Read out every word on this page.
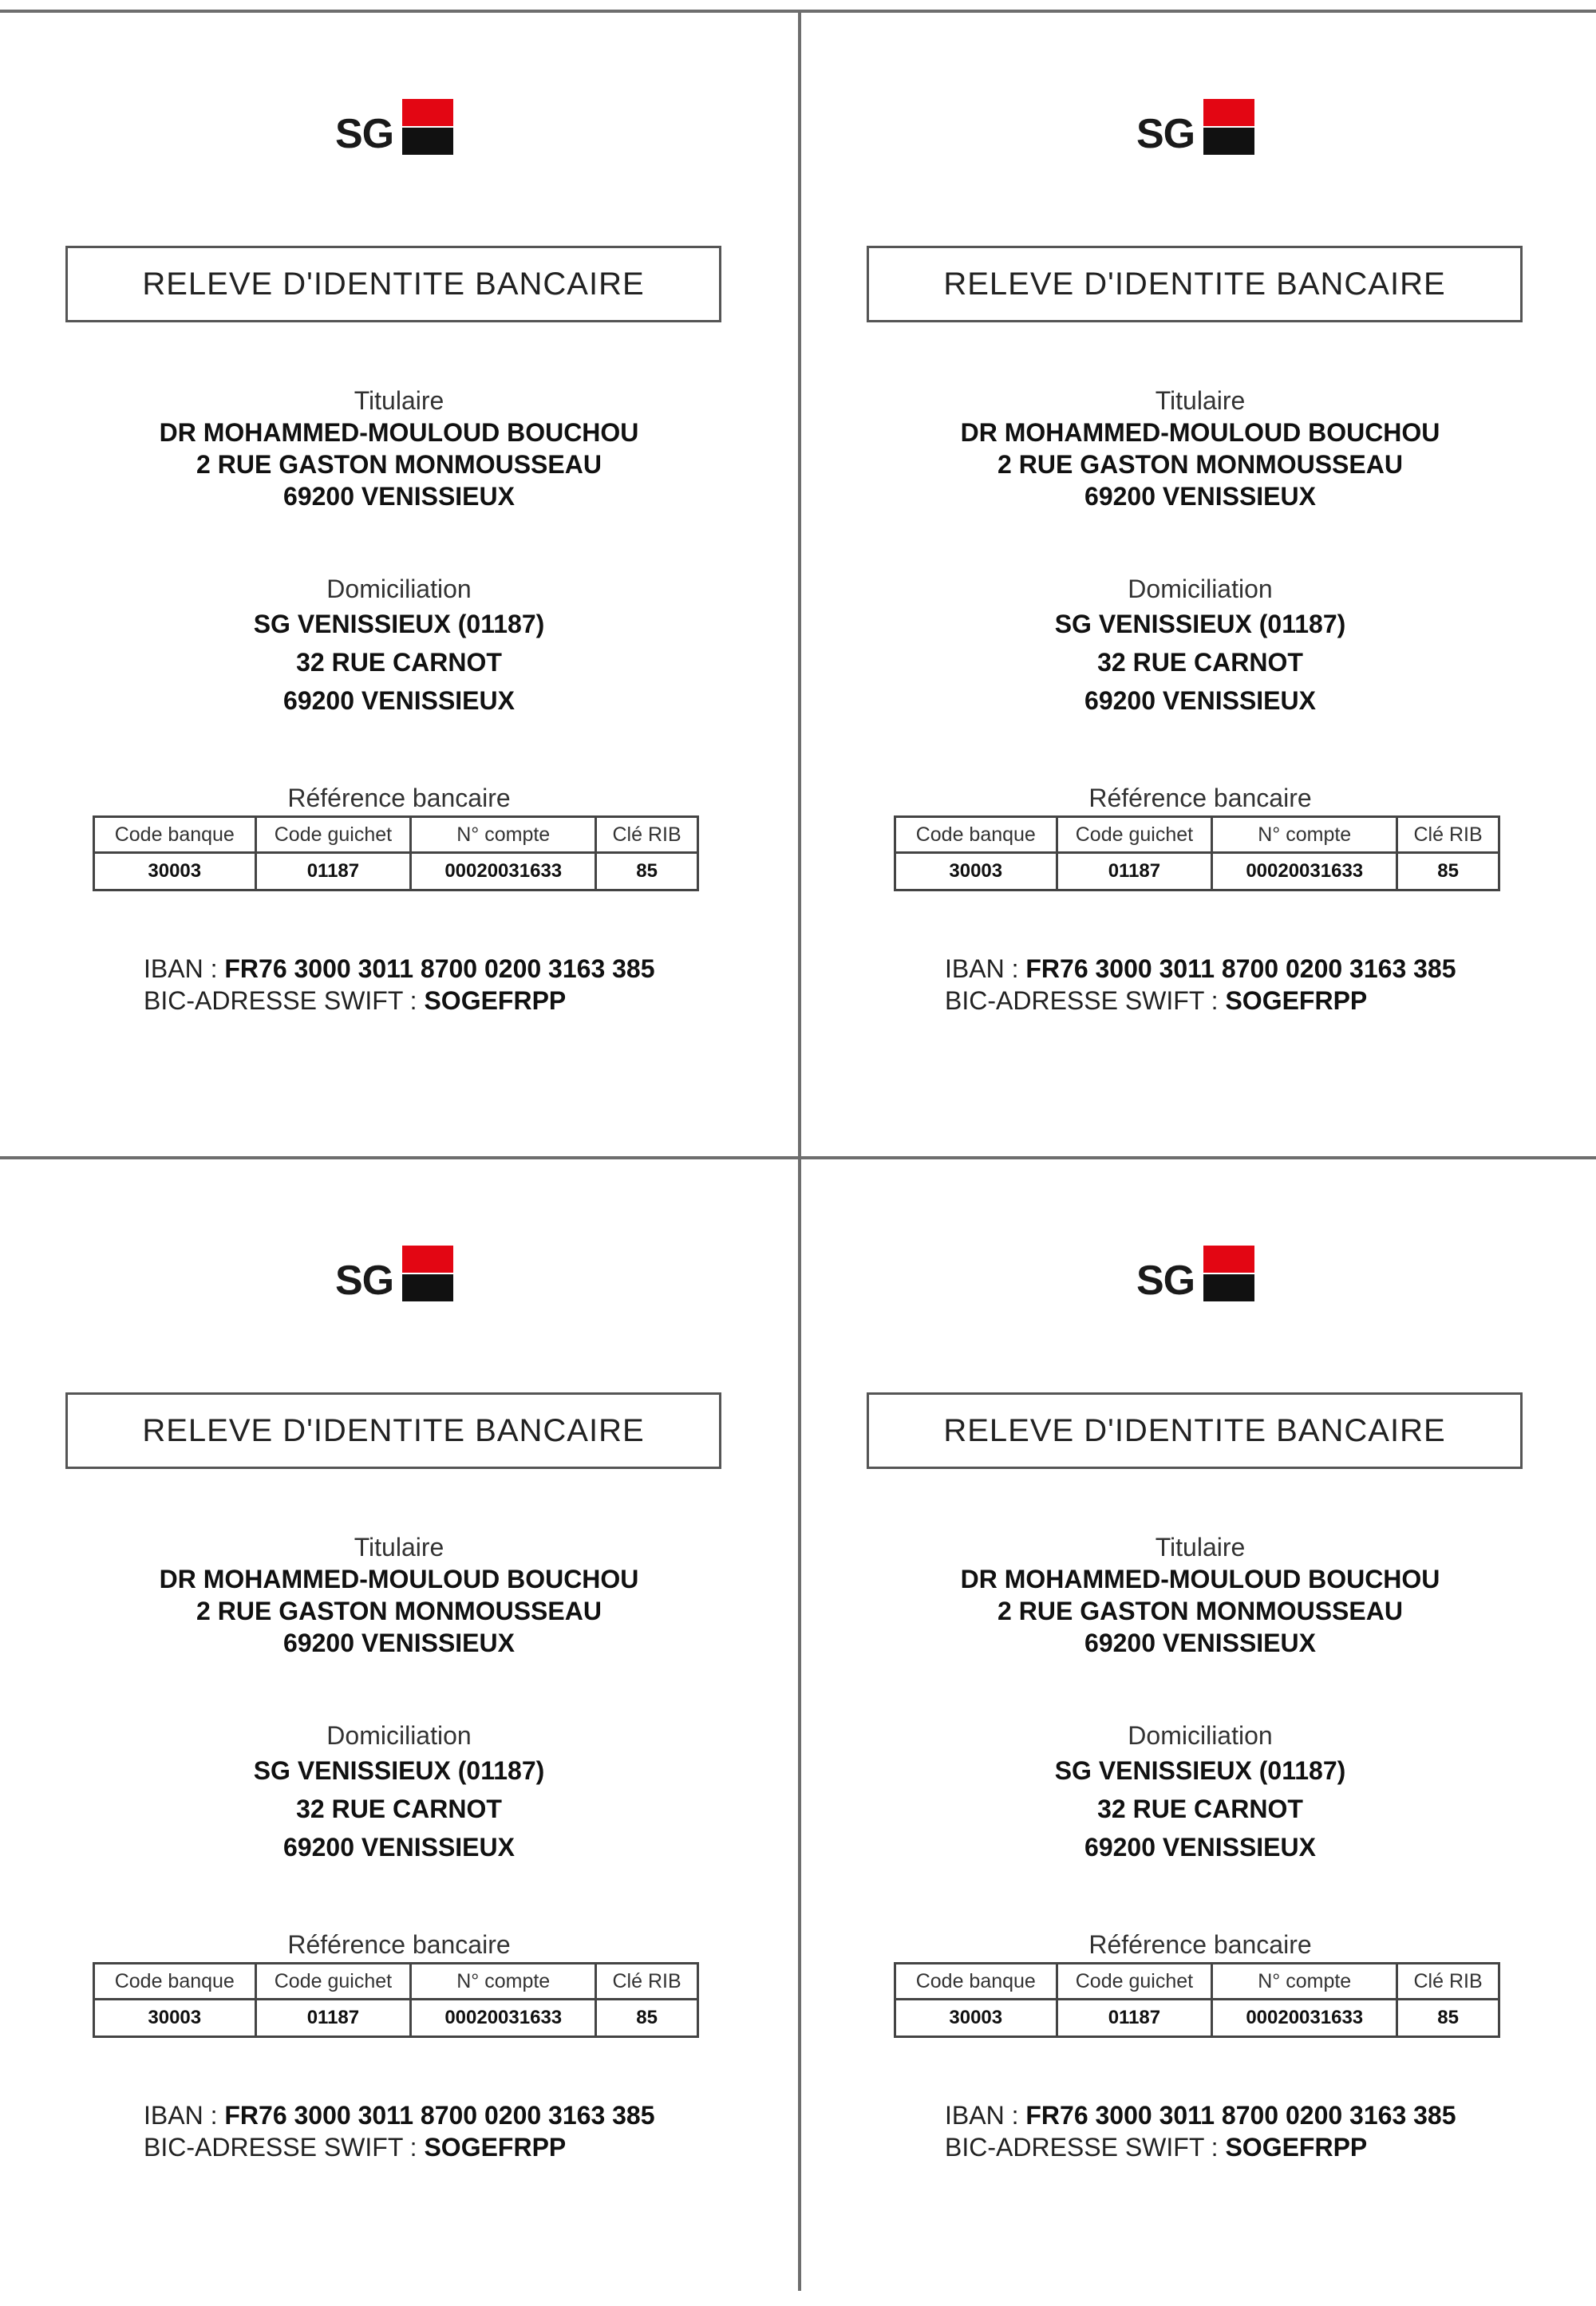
SG
RELEVE D'IDENTITE BANCAIRE
Titulaire
DR MOHAMMED-MOULOUD BOUCHOU
2 RUE GASTON MONMOUSSEAU
69200 VENISSIEUX
Domiciliation
SG VENISSIEUX (01187)
32 RUE CARNOT
69200 VENISSIEUX
Référence bancaire
Code banque	Code guichet	N° compte	Clé RIB
30003	01187	00020031633	85
IBAN : FR76 3000 3011 8700 0200 3163 385
BIC-ADRESSE SWIFT : SOGEFRPP
SG
RELEVE D'IDENTITE BANCAIRE
Titulaire
DR MOHAMMED-MOULOUD BOUCHOU
2 RUE GASTON MONMOUSSEAU
69200 VENISSIEUX
Domiciliation
SG VENISSIEUX (01187)
32 RUE CARNOT
69200 VENISSIEUX
Référence bancaire
Code banque	Code guichet	N° compte	Clé RIB
30003	01187	00020031633	85
IBAN : FR76 3000 3011 8700 0200 3163 385
BIC-ADRESSE SWIFT : SOGEFRPP
SG
RELEVE D'IDENTITE BANCAIRE
Titulaire
DR MOHAMMED-MOULOUD BOUCHOU
2 RUE GASTON MONMOUSSEAU
69200 VENISSIEUX
Domiciliation
SG VENISSIEUX (01187)
32 RUE CARNOT
69200 VENISSIEUX
Référence bancaire
Code banque	Code guichet	N° compte	Clé RIB
30003	01187	00020031633	85
IBAN : FR76 3000 3011 8700 0200 3163 385
BIC-ADRESSE SWIFT : SOGEFRPP
SG
RELEVE D'IDENTITE BANCAIRE
Titulaire
DR MOHAMMED-MOULOUD BOUCHOU
2 RUE GASTON MONMOUSSEAU
69200 VENISSIEUX
Domiciliation
SG VENISSIEUX (01187)
32 RUE CARNOT
69200 VENISSIEUX
Référence bancaire
Code banque	Code guichet	N° compte	Clé RIB
30003	01187	00020031633	85
IBAN : FR76 3000 3011 8700 0200 3163 385
BIC-ADRESSE SWIFT : SOGEFRPP
